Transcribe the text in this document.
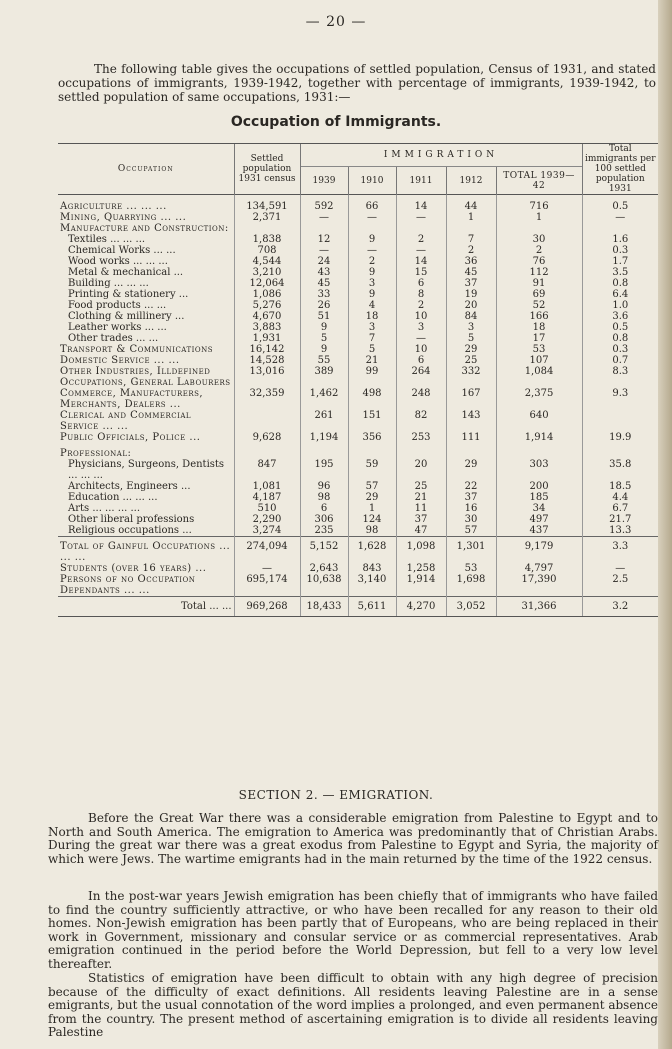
— 20 —
The following table gives the occupations of settled population, Census of 1931, and stated occupations of immigrants, 1939-1942, together with percentage of immigrants, 1939-1942, to settled population of same occupations, 1931:—
Occupation of Immigrants.
Occupation	Settled population 1931 census	IMMIGRATION					Total immigrants per 100 settled population 1931
		1939	1910	1911	1912	TOTAL 1939—42	
Agriculture ... ... ...	134,591	592	66	14	44	716	0.5
Mining, Quarrying ... ...	2,371	—	—	—	1	1	—
Manufacture and Construction:							
Textiles ... ... ...	1,838	12	9	2	7	30	1.6
Chemical Works ... ...	708	—	—	—	2	2	0.3
Wood works ... ... ...	4,544	24	2	14	36	76	1.7
Metal & mechanical ...	3,210	43	9	15	45	112	3.5
Building ... ... ...	12,064	45	3	6	37	91	0.8
Printing & stationery ...	1,086	33	9	8	19	69	6.4
Food products ... ...	5,276	26	4	2	20	52	1.0
Clothing & millinery ...	4,670	51	18	10	84	166	3.6
Leather works ... ...	3,883	9	3	3	3	18	0.5
Other trades ... ...	1,931	5	7	—	5	17	0.8
Transport & Communications	16,142	9	5	10	29	53	0.3
Domestic Service ... ...	14,528	55	21	6	25	107	0.7
Other Industries, Illdefined Occupations, General Labourers	13,016	389	99	264	332	1,084	8.3
Commerce, Manufacturers, Merchants, Dealers ...	32,359	1,462	498	248	167	2,375	9.3
Clerical and Commercial Service ... ...		261	151	82	143	640	
Public Officials, Police ...	9,628	1,194	356	253	111	1,914	19.9
Professional:							
Physicians, Surgeons, Dentists ... ... ...	847	195	59	20	29	303	35.8
Architects, Engineers ...	1,081	96	57	25	22	200	18.5
Education ... ... ...	4,187	98	29	21	37	185	4.4
Arts ... ... ... ...	510	6	1	11	16	34	6.7
Other liberal professions	2,290	306	124	37	30	497	21.7
Religious occupations ...	3,274	235	98	47	57	437	13.3
Total of Gainful Occupations ... ... ...	274,094	5,152	1,628	1,098	1,301	9,179	3.3
Students (over 16 years) ...	—	2,643	843	1,258	53	4,797	—
Persons of no Occupation Dependants ... ...	695,174	10,638	3,140	1,914	1,698	17,390	2.5
Total ... ...	969,268	18,433	5,611	4,270	3,052	31,366	3.2
SECTION 2. — EMIGRATION.
Before the Great War there was a considerable emigration from Palestine to Egypt and to North and South America. The emigration to America was predominantly that of Christian Arabs. During the great war there was a great exodus from Palestine to Egypt and Syria, the majority of which were Jews. The wartime emigrants had in the main returned by the time of the 1922 census.
In the post-war years Jewish emigration has been chiefly that of immigrants who have failed to find the country sufficiently attractive, or who have been recalled for any reason to their old homes. Non-Jewish emigration has been partly that of Europeans, who are being replaced in their work in Government, missionary and consular service or as commercial representatives. Arab emigration continued in the period before the World Depression, but fell to a very low level thereafter.
Statistics of emigration have been difficult to obtain with any high degree of precision because of the difficulty of exact definitions. All residents leaving Palestine are in a sense emigrants, but the usual connotation of the word implies a prolonged, and even permanent absence from the country. The present method of ascertaining emigration is to divide all residents leaving Palestine
